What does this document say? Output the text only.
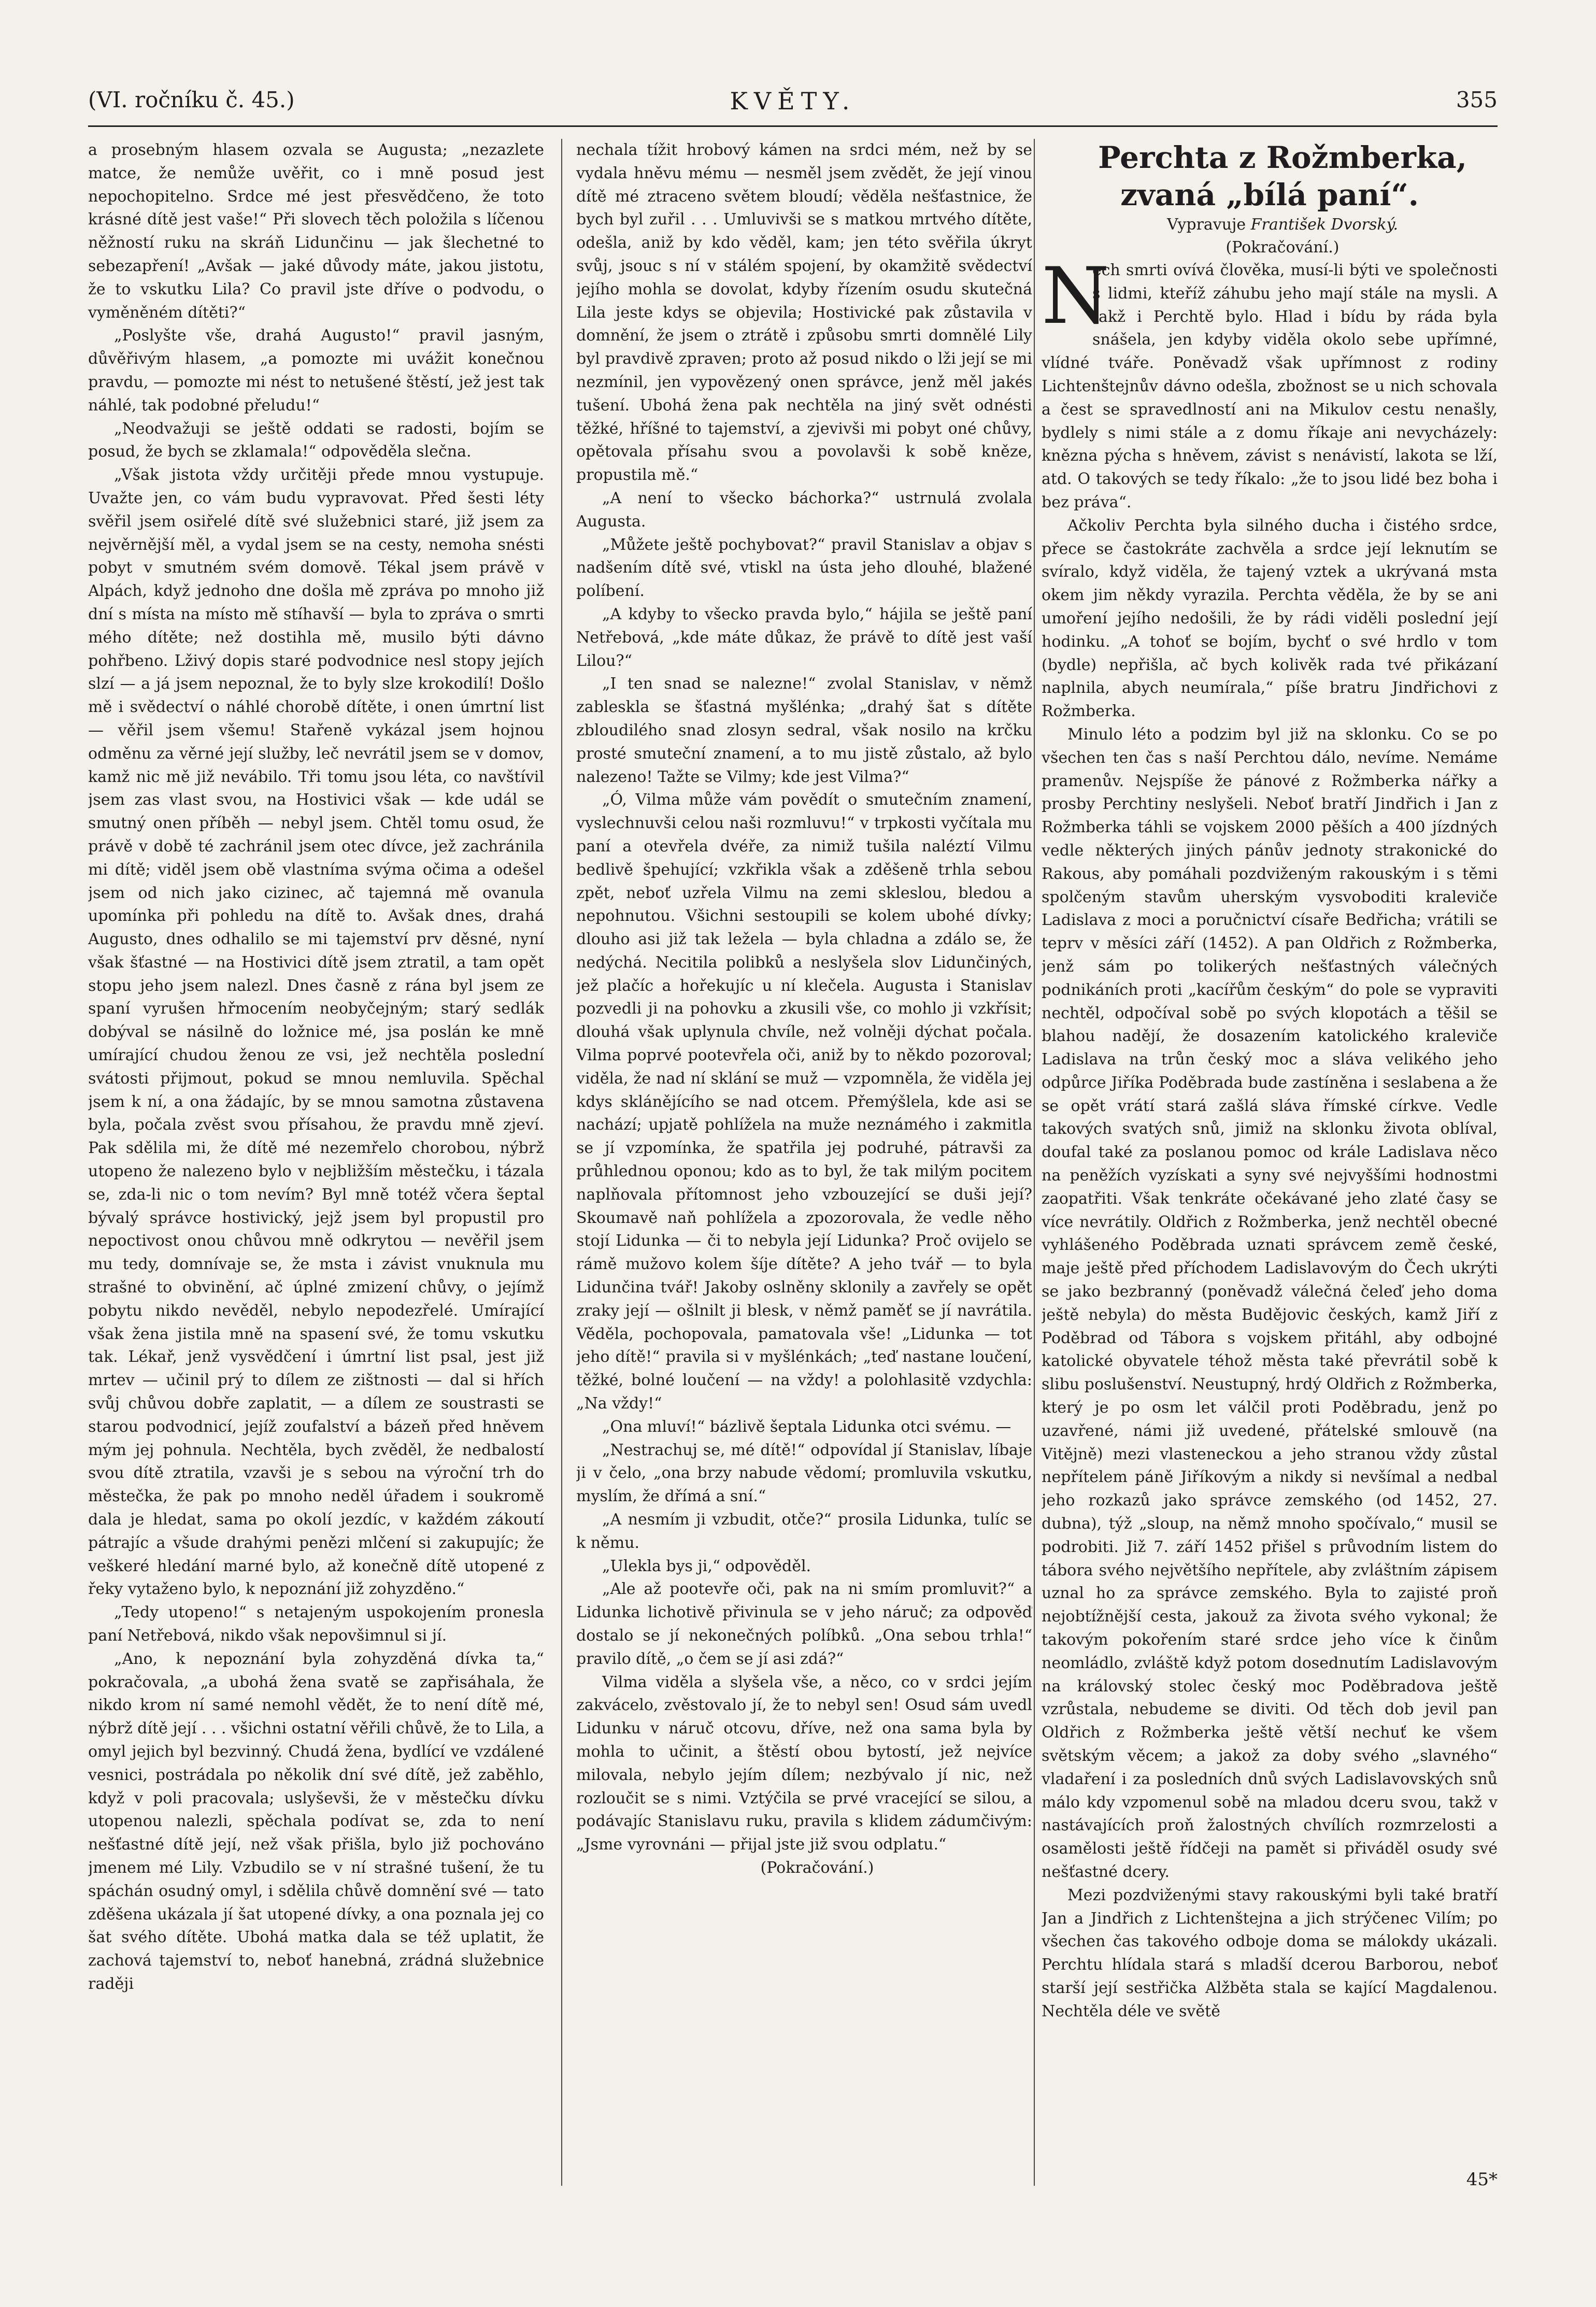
(VI. ročníku č. 45.)	KVĚTY.	355

a prosebným hlasem ozvala se Augusta; „nezazlete matce, že nemůže uvěřit, co i mně posud jest nepochopitelno. Srdce mé jest přesvědčeno, že toto krásné dítě jest vaše!“ Při slovech těch položila s líčenou něžností ruku na skráň Lidunčinu — jak šlechetné to sebezapření! „Avšak — jaké důvody máte, jakou jistotu, že to vskutku Lila? Co pravil jste dříve o podvodu, o vyměněném dítěti?“

„Poslyšte vše, drahá Augusto!“ pravil jasným, důvěřivým hlasem, „a pomozte mi uvážit konečnou pravdu, — pomozte mi nést to netušené štěstí, jež jest tak náhlé, tak podobné přeludu!“

„Neodvažuji se ještě oddati se radosti, bojím se posud, že bych se zklamala!“ odpověděla slečna.

„Však jistota vždy určitěji přede mnou vystupuje. Uvažte jen, co vám budu vypravovat. Před šesti léty svěřil jsem osiřelé dítě své služebnici staré, již jsem za nejvěrnější měl, a vydal jsem se na cesty, nemoha snésti pobyt v smutném svém domově. Tékal jsem právě v Alpách, když jednoho dne došla mě zpráva po mnoho již dní s místa na místo mě stíhavší — byla to zpráva o smrti mého dítěte; než dostihla mě, musilo býti dávno pohřbeno. Lživý dopis staré podvodnice nesl stopy jejích slzí — a já jsem nepoznal, že to byly slze krokodilí! Došlo mě i svědectví o náhlé chorobě dítěte, i onen úmrtní list — věřil jsem všemu! Stařeně vykázal jsem hojnou odměnu za věrné její služby, leč nevrátil jsem se v domov, kamž nic mě již nevábilo. Tři tomu jsou léta, co navštívil jsem zas vlast svou, na Hostivici však — kde udál se smutný onen příběh — nebyl jsem. Chtěl tomu osud, že právě v době té zachránil jsem otec dívce, jež zachránila mi dítě; viděl jsem obě vlastníma svýma očima a odešel jsem od nich jako cizinec, ač tajemná mě ovanula upomínka při pohledu na dítě to. Avšak dnes, drahá Augusto, dnes odhalilo se mi tajemství prv děsné, nyní však šťastné — na Hostivici dítě jsem ztratil, a tam opět stopu jeho jsem nalezl. Dnes časně z rána byl jsem ze spaní vyrušen hřmocením neobyčejným; starý sedlák dobýval se násilně do ložnice mé, jsa poslán ke mně umírající chudou ženou ze vsi, jež nechtěla poslední svátosti přijmout, pokud se mnou nemluvila. Spěchal jsem k ní, a ona žádajíc, by se mnou samotna zůstavena byla, počala zvěst svou přísahou, že pravdu mně zjeví. Pak sdělila mi, že dítě mé nezemřelo chorobou, nýbrž utopeno že nalezeno bylo v nejbližším městečku, i tázala se, zda-li nic o tom nevím? Byl mně totéž včera šeptal bývalý správce hostivický, jejž jsem byl propustil pro nepoctivost onou chůvou mně odkrytou — nevěřil jsem mu tedy, domnívaje se, že msta i závist vnuknula mu strašné to obvinění, ač úplné zmizení chůvy, o jejímž pobytu nikdo nevěděl, nebylo nepodezřelé. Umírající však žena jistila mně na spasení své, že tomu vskutku tak. Lékař, jenž vysvědčení i úmrtní list psal, jest již mrtev — učinil prý to dílem ze zištnosti — dal si hřích svůj chůvou dobře zaplatit, — a dílem ze soustrasti se starou podvodnicí, jejíž zoufalství a bázeň před hněvem mým jej pohnula. Nechtěla, bych zvěděl, že nedbalostí svou dítě ztratila, vzavši je s sebou na výroční trh do městečka, že pak po mnoho neděl úřadem i soukromě dala je hledat, sama po okolí jezdíc, v každém zákoutí pátrajíc a všude drahými penězi mlčení si zakupujíc; že veškeré hledání marné bylo, až konečně dítě utopené z řeky vytaženo bylo, k nepoznání již zohyzděno.“

„Tedy utopeno!“ s netajeným uspokojením pronesla paní Netřebová, nikdo však nepovšimnul si jí.

„Ano, k nepoznání byla zohyzděná dívka ta,“ pokračovala, „a ubohá žena svatě se zapřisáhala, že nikdo krom ní samé nemohl vědět, že to není dítě mé, nýbrž dítě její . . . všichni ostatní věřili chůvě, že to Lila, a omyl jejich byl bezvinný. Chudá žena, bydlící ve vzdálené vesnici, postrádala po několik dní své dítě, jež zaběhlo, když v poli pracovala; uslyševši, že v městečku dívku utopenou nalezli, spěchala podívat se, zda to není nešťastné dítě její, než však přišla, bylo již pochováno jmenem mé Lily. Vzbudilo se v ní strašné tušení, že tu spáchán osudný omyl, i sdělila chůvě domnění své — tato zděšena ukázala jí šat utopené dívky, a ona poznala jej co šat svého dítěte. Ubohá matka dala se též uplatit, že zachová tajemství to, neboť hanebná, zrádná služebnice raději

nechala tížit hrobový kámen na srdci mém, než by se vydala hněvu mému — nesměl jsem zvědět, že její vinou dítě mé ztraceno světem bloudí; věděla nešťastnice, že bych byl zuřil . . . Umluvivši se s matkou mrtvého dítěte, odešla, aniž by kdo věděl, kam; jen této svěřila úkryt svůj, jsouc s ní v stálém spojení, by okamžitě svědectví jejího mohla se dovolat, kdyby řízením osudu skutečná Lila jeste kdys se objevila; Hostivické pak zůstavila v domnění, že jsem o ztrátě i způsobu smrti domnělé Lily byl pravdivě zpraven; proto až posud nikdo o lži její se mi nezmínil, jen vypovězený onen správce, jenž měl jakés tušení. Ubohá žena pak nechtěla na jiný svět odnésti těžké, hříšné to tajemství, a zjevivši mi pobyt oné chůvy, opětovala přísahu svou a povolavši k sobě kněze, propustila mě.“

„A není to všecko báchorka?“ ustrnulá zvolala Augusta.

„Můžete ještě pochybovat?“ pravil Stanislav a objav s nadšením dítě své, vtiskl na ústa jeho dlouhé, blažené políbení.

„A kdyby to všecko pravda bylo,“ hájila se ještě paní Netřebová, „kde máte důkaz, že právě to dítě jest vaší Lilou?“

„I ten snad se nalezne!“ zvolal Stanislav, v němž zableskla se šťastná myšlénka; „drahý šat s dítěte zbloudilého snad zlosyn sedral, však nosilo na krčku prosté smuteční znamení, a to mu jistě zůstalo, až bylo nalezeno! Tažte se Vilmy; kde jest Vilma?“

„Ó, Vilma může vám povědít o smutečním znamení, vyslechnuvši celou naši rozmluvu!“ v trpkosti vyčítala mu paní a otevřela dvéře, za nimiž tušila naléztí Vilmu bedlivě špehující; vzkřikla však a zděšeně trhla sebou zpět, neboť uzřela Vilmu na zemi skleslou, bledou a nepohnutou. Všichni sestoupili se kolem ubohé dívky; dlouho asi již tak ležela — byla chladna a zdálo se, že nedýchá. Necitila polibků a neslyšela slov Lidunčiných, jež plačíc a hořekujíc u ní klečela. Augusta i Stanislav pozvedli ji na pohovku a zkusili vše, co mohlo ji vzkřísit; dlouhá však uplynula chvíle, než volněji dýchat počala. Vilma poprvé pootevřela oči, aniž by to někdo pozoroval; viděla, že nad ní sklání se muž — vzpomněla, že viděla jej kdys sklánějícího se nad otcem. Přemýšlela, kde asi se nachází; upjatě pohlížela na muže neznámého i zakmitla se jí vzpomínka, že spatřila jej podruhé, pátravši za průhlednou oponou; kdo as to byl, že tak milým pocitem naplňovala přítomnost jeho vzbouzející se duši její? Skoumavě naň pohlížela a zpozorovala, že vedle něho stojí Lidunka — či to nebyla její Lidunka? Proč ovijelo se rámě mužovo kolem šíje dítěte? A jeho tvář — to byla Lidunčina tvář! Jakoby oslněny sklonily a zavřely se opět zraky její — ošlnilt ji blesk, v němž paměť se jí navrátila. Věděla, pochopovala, pamatovala vše! „Lidunka — tot jeho dítě!“ pravila si v myšlénkách; „teď nastane loučení, těžké, bolné loučení — na vždy! a polohlasitě vzdychla: „Na vždy!“

„Ona mluví!“ bázlivě šeptala Lidunka otci svému. —

„Nestrachuj se, mé dítě!“ odpovídal jí Stanislav, líbaje ji v čelo, „ona brzy nabude vědomí; promluvila vskutku, myslím, že dřímá a sní.“

„A nesmím ji vzbudit, otče?“ prosila Lidunka, tulíc se k němu.

„Ulekla bys ji,“ odpověděl.

„Ale až pootevře oči, pak na ni smím promluvit?“ a Lidunka lichotivě přivinula se v jeho náruč; za odpověď dostalo se jí nekonečných políbků. „Ona sebou trhla!“ pravilo dítě, „o čem se jí asi zdá?“

Vilma viděla a slyšela vše, a něco, co v srdci jejím zakvácelo, zvěstovalo jí, že to nebyl sen! Osud sám uvedl Lidunku v náruč otcovu, dříve, než ona sama byla by mohla to učinit, a štěstí obou bytostí, jež nejvíce milovala, nebylo jejím dílem; nezbývalo jí nic, než rozloučit se s nimi. Vztýčila se prvé vracející se silou, a podávajíc Stanislavu ruku, pravila s klidem zádumčivým: „Jsme vyrovnáni — přijal jste již svou odplatu.“

(Pokračování.)

Perchta z Rožmberka, zvaná „bílá paní“.

Vypravuje František Dvorský.

(Pokračování.)

N
ech smrti ovívá člověka, musí-li býti ve společnosti s lidmi, kteříž záhubu jeho mají stále na mysli. A takž i Perchtě bylo. Hlad i bídu by ráda byla snášela, jen kdyby viděla okolo sebe upřímné, vlídné tváře. Poněvadž však upřímnost z rodiny Lichtenštejnův dávno odešla, zbožnost se u nich schovala a čest se spravedlností ani na Mikulov cestu nenašly, bydlely s nimi stále a z domu říkaje ani nevycházely: knězna pýcha s hněvem, závist s nenávistí, lakota se lží, atd. O takových se tedy říkalo: „že to jsou lidé bez boha i bez práva“.

Ačkoliv Perchta byla silného ducha i čistého srdce, přece se častokráte zachvěla a srdce její leknutím se svíralo, když viděla, že tajený vztek a ukrývaná msta okem jim někdy vyrazila. Perchta věděla, že by se ani umoření jejího nedošili, že by rádi viděli poslední její hodinku. „A tohoť se bojím, bychť o své hrdlo v tom (bydle) nepřišla, ač bych kolivěk rada tvé přikázaní naplnila, abych neumírala,“ píše bratru Jindřichovi z Rožmberka.

Minulo léto a podzim byl již na sklonku. Co se po všechen ten čas s naší Perchtou dálo, nevíme. Nemáme pramenův. Nejspíše že pánové z Rožmberka nářky a prosby Perchtiny neslyšeli. Neboť bratří Jindřich i Jan z Rožmberka táhli se vojskem 2000 pěších a 400 jízdných vedle některých jiných pánův jednoty strakonické do Rakous, aby pomáhali pozdviženým rakouským i s těmi spolčeným stavům uherským vysvoboditi kraleviče Ladislava z moci a poručnictví císaře Bedřicha; vrátili se teprv v měsíci září (1452). A pan Oldřich z Rožmberka, jenž sám po tolikerých nešťastných válečných podnikáních proti „kacířům českým“ do pole se vypraviti nechtěl, odpočíval sobě po svých klopotách a těšil se blahou nadějí, že dosazením katolického kraleviče Ladislava na trůn český moc a sláva velikého jeho odpůrce Jiříka Poděbrada bude zastíněna i seslabena a že se opět vrátí stará zašlá sláva římské církve. Vedle takových svatých snů, jimiž na sklonku života oblíval, doufal také za poslanou pomoc od krále Ladislava něco na peněžích vyzískati a syny své nejvyššími hodnostmi zaopatřiti. Však tenkráte očekávané jeho zlaté časy se více nevrátily. Oldřich z Rožmberka, jenž nechtěl obecné vyhlášeného Poděbrada uznati správcem země české, maje ještě před příchodem Ladislavovým do Čech ukrýti se jako bezbranný (poněvadž válečná čeleď jeho doma ještě nebyla) do města Budějovic českých, kamž Jiří z Poděbrad od Tábora s vojskem přitáhl, aby odbojné katolické obyvatele téhož města také převrátil sobě k slibu poslušenství. Neustupný, hrdý Oldřich z Rožmberka, který je po osm let válčil proti Poděbradu, jenž po uzavřené, námi již uvedené, přátelské smlouvě (na Vitějně) mezi vlasteneckou a jeho stranou vždy zůstal nepřítelem páně Jiříkovým a nikdy si nevšímal a nedbal jeho rozkazů jako správce zemského (od 1452, 27. dubna), týž „sloup, na němž mnoho spočívalo,“ musil se podrobiti. Již 7. září 1452 přišel s průvodním listem do tábora svého největšího nepřítele, aby zvláštním zápisem uznal ho za správce zemského. Byla to zajisté proň nejobtížnější cesta, jakouž za života svého vykonal; že takovým pokořením staré srdce jeho více k činům neomládlo, zvláště když potom dosednutím Ladislavovým na královský stolec český moc Poděbradova ještě vzrůstala, nebudeme se diviti. Od těch dob jevil pan Oldřich z Rožmberka ještě větší nechuť ke všem světským věcem; a jakož za doby svého „slavného“ vladaření i za posledních dnů svých Ladislavovských snů málo kdy vzpomenul sobě na mladou dceru svou, takž v nastávajících proň žalostných chvílích rozmrzelosti a osamělosti ještě řídčeji na pamět si přiváděl osudy své nešťastné dcery.

Mezi pozdviženými stavy rakouskými byli také bratří Jan a Jindřich z Lichtenštejna a jich strýčenec Vilím; po všechen čas takového odboje doma se málokdy ukázali. Perchtu hlídala stará s mladší dcerou Barborou, neboť starší její sestřička Alžběta stala se kající Magdalenou. Nechtěla déle ve světě

45*
